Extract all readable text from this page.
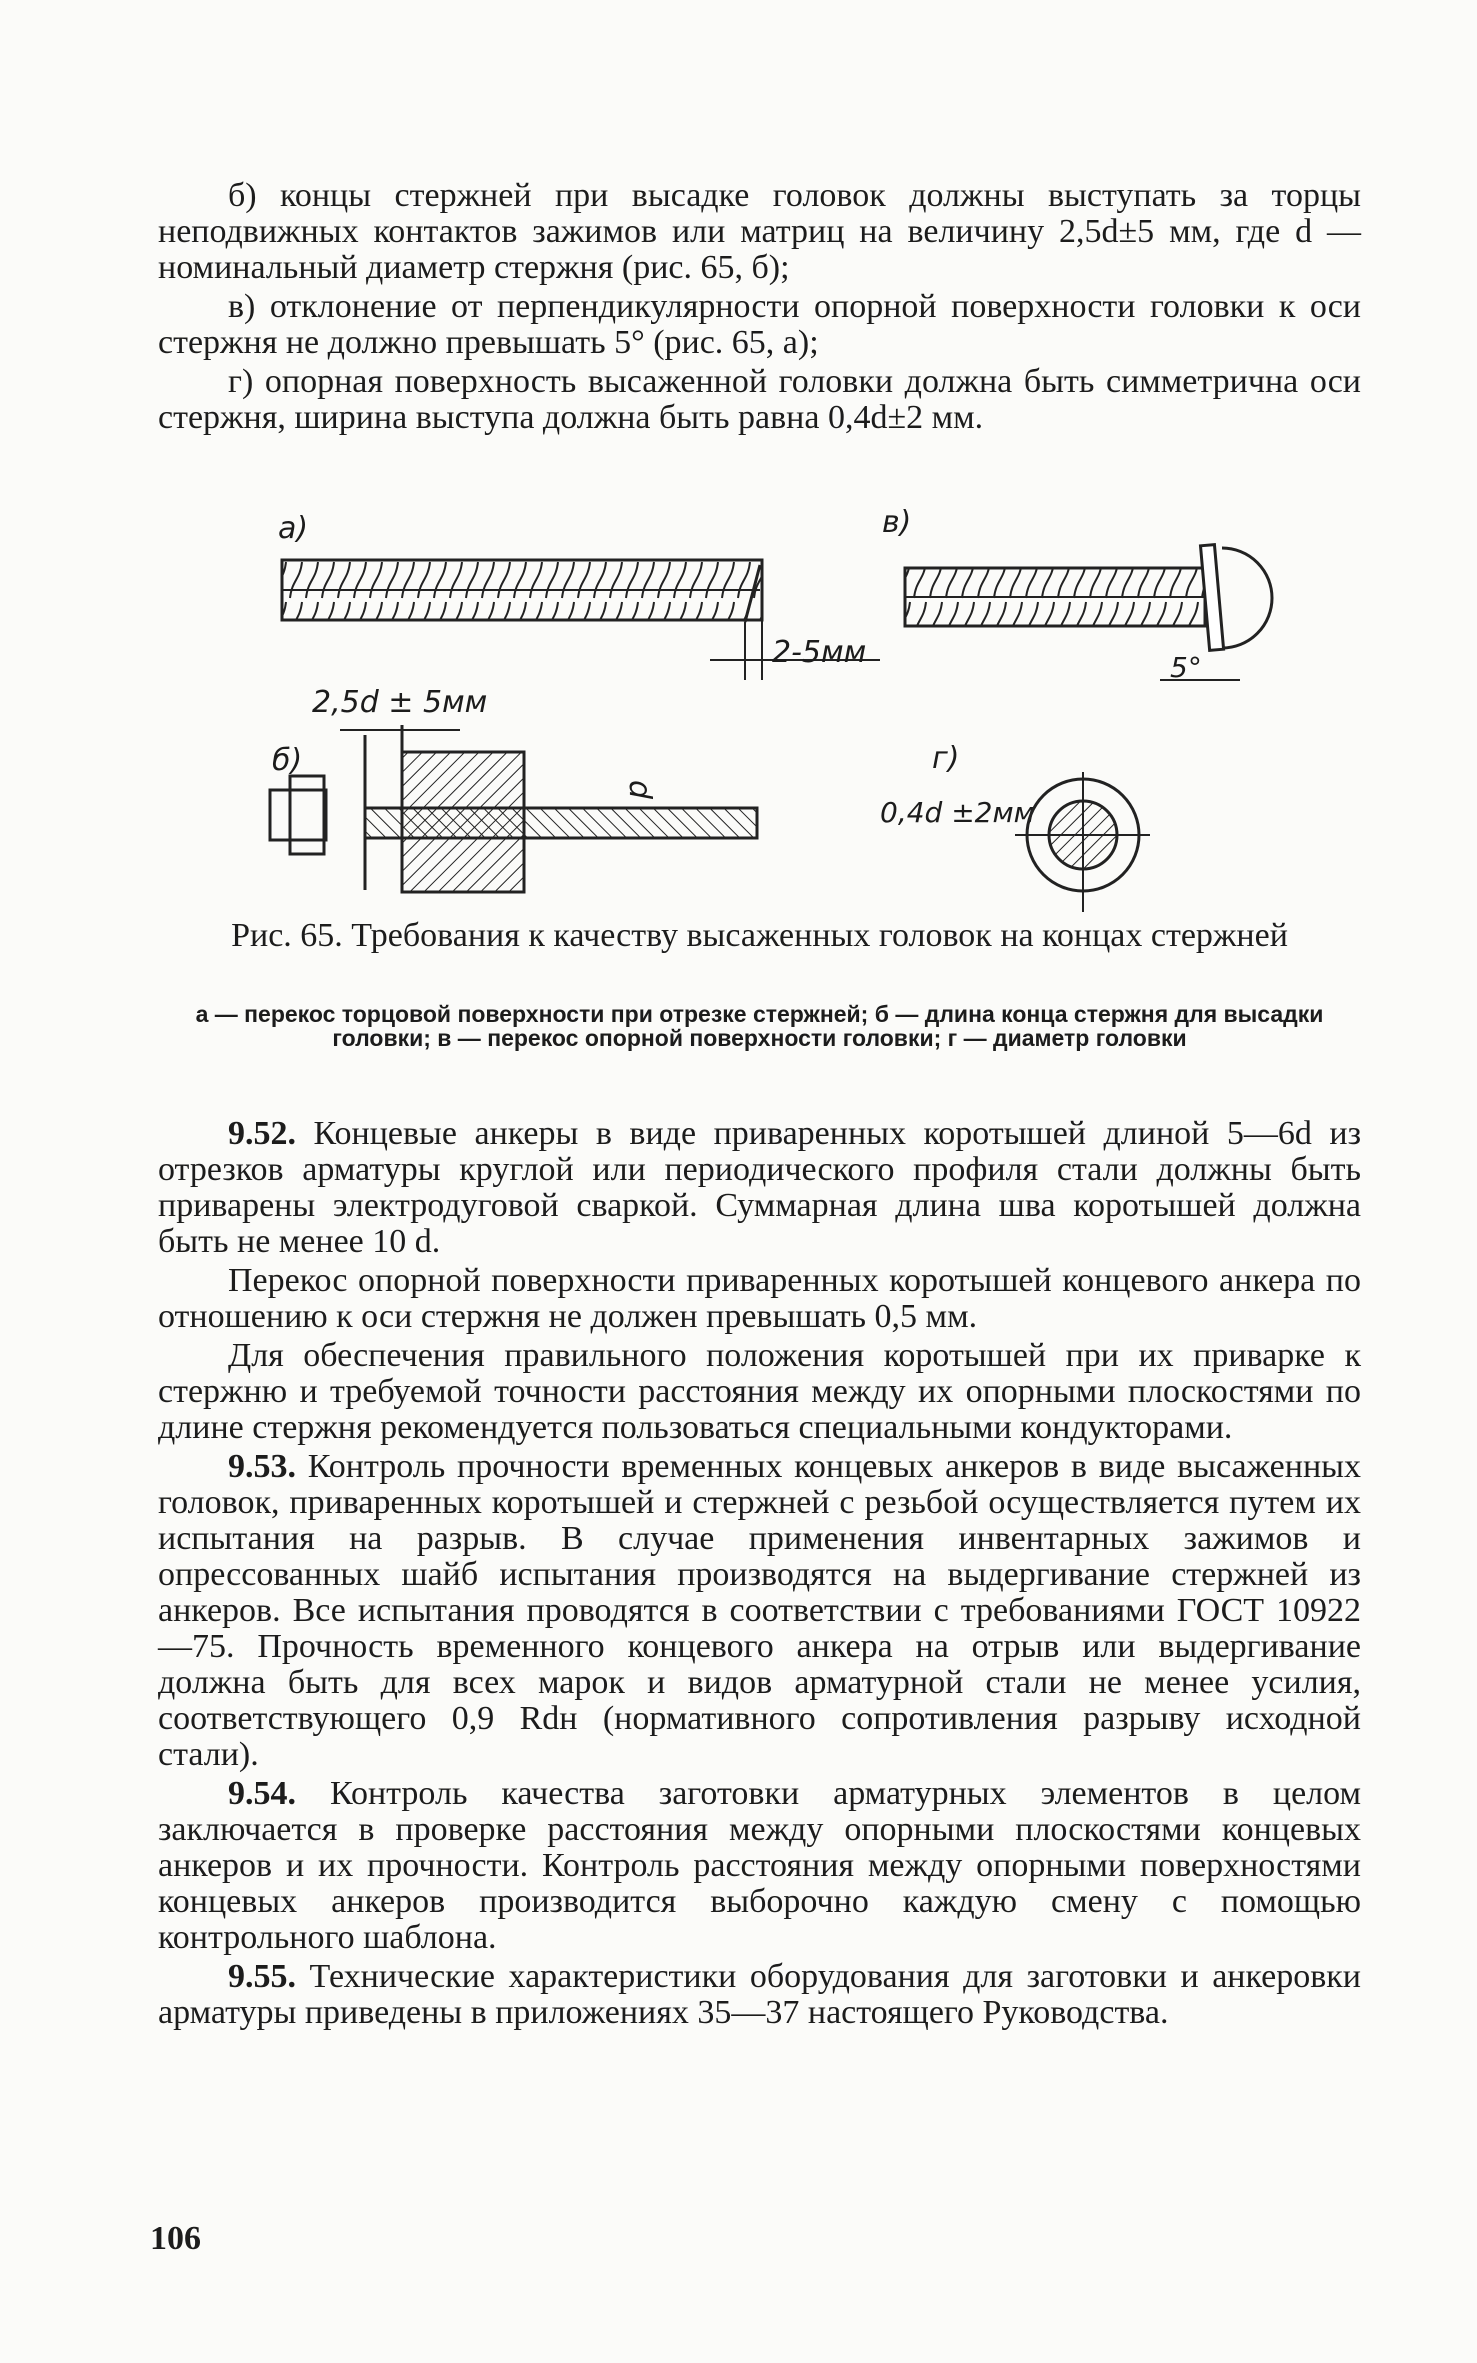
б) концы стержней при высадке головок должны выступать за торцы неподвижных контактов зажимов или матриц на величину 2,5d±5 мм, где d — номинальный диаметр стержня (рис. 65, б);

в) отклонение от перпендикулярности опорной поверхности головки к оси стержня не должно превышать 5° (рис. 65, а);

г) опорная поверхность высаженной головки должна быть симметрична оси стержня, ширина выступа должна быть равна 0,4d±2 мм.

а)
2-5мм
в)
5°
2,5d ± 5мм
б)
d
г)
0,4d ±2мм
Рис. 65. Требования к качеству высаженных головок на концах стержней
а — перекос торцовой поверхности при отрезке стержней; б — длина конца стержня для высадки головки; в — перекос опорной поверхности головки; г — диаметр головки

9.52. Концевые анкеры в виде приваренных коротышей длиной 5—6d из отрезков арматуры круглой или периодического профиля стали должны быть приварены электродуговой сваркой. Суммарная длина шва коротышей должна быть не менее 10 d.

Перекос опорной поверхности приваренных коротышей концевого анкера по отношению к оси стержня не должен превышать 0,5 мм.

Для обеспечения правильного положения коротышей при их приварке к стержню и требуемой точности расстояния между их опорными плоскостями по длине стержня рекомендуется пользоваться специальными кондукторами.

9.53. Контроль прочности временных концевых анкеров в виде высаженных головок, приваренных коротышей и стержней с резьбой осуществляется путем их испытания на разрыв. В случае применения инвентарных зажимов и опрессованных шайб испытания производятся на выдергивание стержней из анкеров. Все испытания проводятся в соответствии с требованиями ГОСТ 10922—75. Прочность временного концевого анкера на отрыв или выдергивание должна быть для всех марок и видов арматурной стали не менее усилия, соответствующего 0,9 Rdн (нормативного сопротивления разрыву исходной стали).

9.54. Контроль качества заготовки арматурных элементов в целом заключается в проверке расстояния между опорными плоскостями концевых анкеров и их прочности. Контроль расстояния между опорными поверхностями концевых анкеров производится выборочно каждую смену с помощью контрольного шаблона.

9.55. Технические характеристики оборудования для заготовки и анкеровки арматуры приведены в приложениях 35—37 настоящего Руководства.

106
